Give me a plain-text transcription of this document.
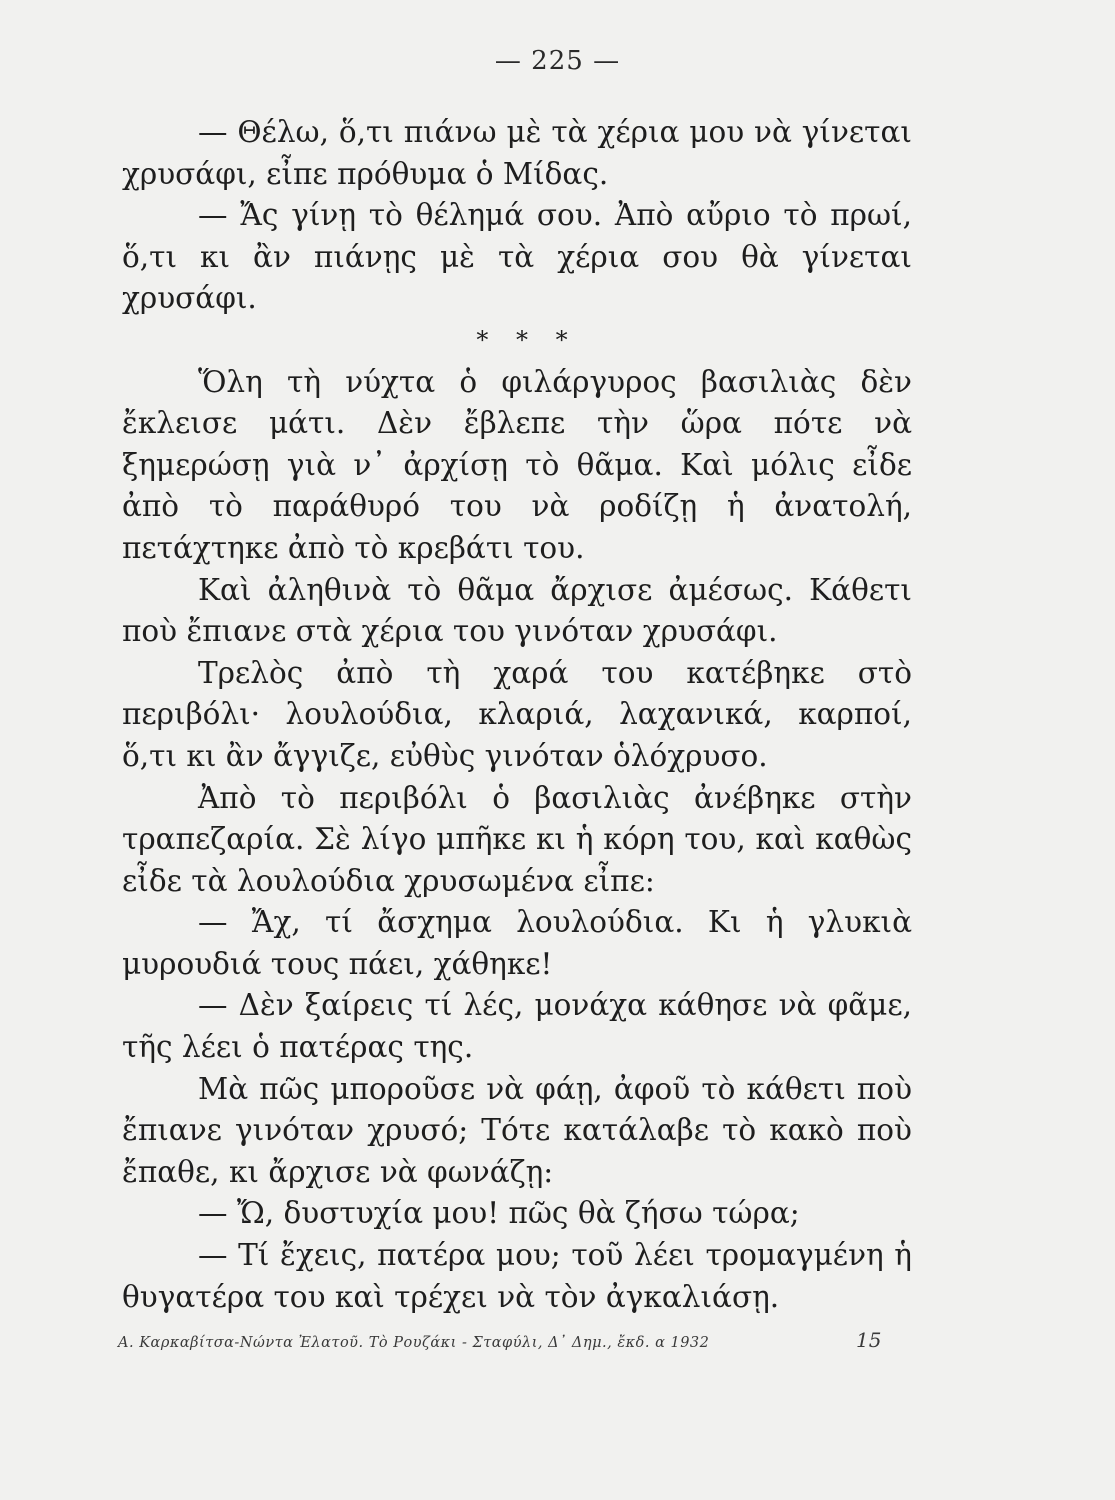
— 225 —

— Θέλω, ὅ,τι πιάνω μὲ τὰ χέρια μου νὰ γίνεται χρυσάφι, εἶπε πρόθυμα ὁ Μίδας.

— Ἄς γίνῃ τὸ θέλημά σου. Ἀπὸ αὔριο τὸ πρωί, ὅ,τι κι ἂν πιάνῃς μὲ τὰ χέρια σου θὰ γίνεται χρυσάφι.

* * *

Ὅλη τὴ νύχτα ὁ φιλάργυρος βασιλιὰς δὲν ἔκλεισε μάτι. Δὲν ἔβλεπε τὴν ὥρα πότε νὰ ξημερώσῃ γιὰ ν᾽ ἀρχίσῃ τὸ θᾶμα. Καὶ μόλις εἶδε ἀπὸ τὸ παράθυρό του νὰ ροδίζῃ ἡ ἀνατολή, πετάχτηκε ἀπὸ τὸ κρεβάτι του.

Καὶ ἀληθινὰ τὸ θᾶμα ἄρχισε ἀμέσως. Κάθετι ποὺ ἔπιανε στὰ χέρια του γινόταν χρυσάφι.

Τρελὸς ἀπὸ τὴ χαρά του κατέβηκε στὸ περιβόλι· λουλούδια, κλαριά, λαχανικά, καρποί, ὅ,τι κι ἂν ἄγγιζε, εὐθὺς γινόταν ὁλόχρυσο.

Ἀπὸ τὸ περιβόλι ὁ βασιλιὰς ἀνέβηκε στὴν τραπεζαρία. Σὲ λίγο μπῆκε κι ἡ κόρη του, καὶ καθὼς εἶδε τὰ λουλούδια χρυσωμένα εἶπε:

— Ἄχ, τί ἄσχημα λουλούδια. Κι ἡ γλυκιὰ μυρουδιά τους πάει, χάθηκε!

— Δὲν ξαίρεις τί λές, μονάχα κάθησε νὰ φᾶμε, τῆς λέει ὁ πατέρας της.

Μὰ πῶς μποροῦσε νὰ φάῃ, ἀφοῦ τὸ κάθετι ποὺ ἔπιανε γινόταν χρυσό; Τότε κατάλαβε τὸ κακὸ ποὺ ἔπαθε, κι ἄρχισε νὰ φωνάζῃ:

— Ὤ, δυστυχία μου! πῶς θὰ ζήσω τώρα;

— Τί ἔχεις, πατέρα μου; τοῦ λέει τρομαγμένη ἡ θυγατέρα του καὶ τρέχει νὰ τὸν ἀγκαλιάσῃ.

Α. Καρκαβίτσα-Νώντα Ἐλατοῦ. Τὸ Ρουζάκι - Σταφύλι, Δ᾽ Δημ., ἔκδ. α 1932	15
